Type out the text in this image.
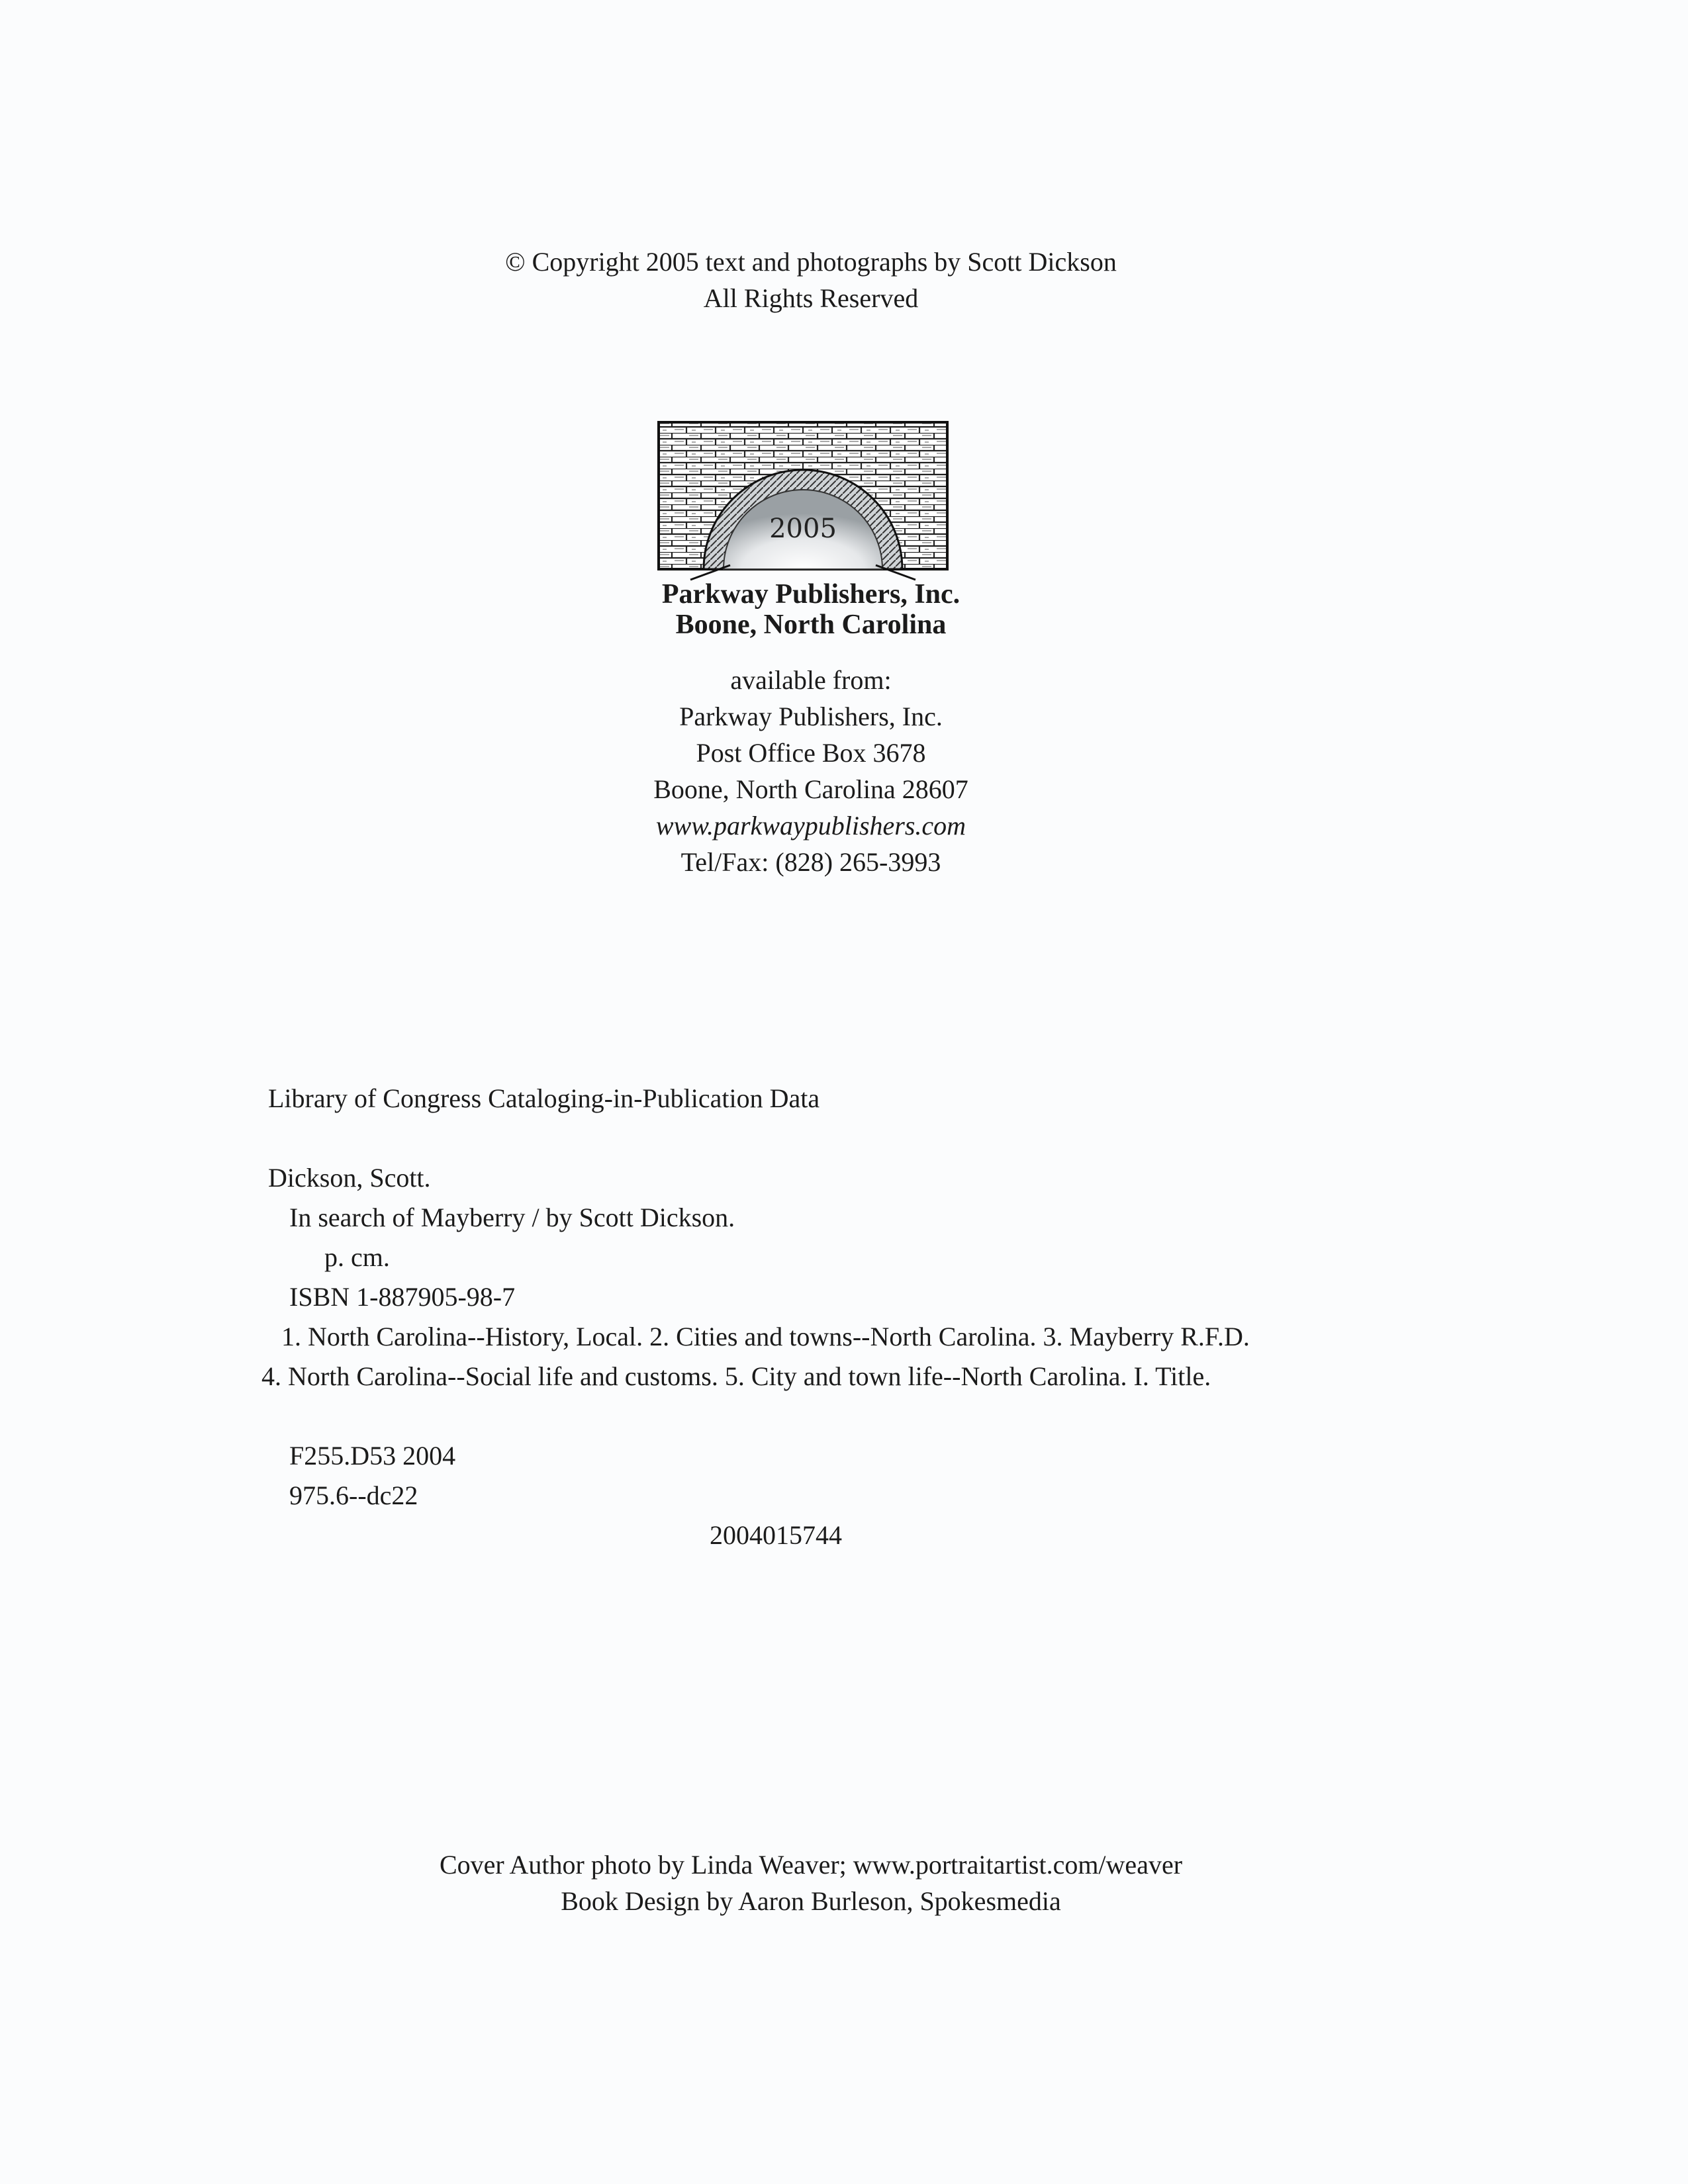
© Copyright 2005 text and photographs by Scott Dickson
All Rights Reserved
2005
Parkway Publishers, Inc.
Boone, North Carolina
available from:
Parkway Publishers, Inc.
Post Office Box 3678
Boone, North Carolina 28607
www.parkwaypublishers.com
Tel/Fax: (828) 265-3993
Library of Congress Cataloging-in-Publication Data
Dickson, Scott.
In search of Mayberry / by Scott Dickson.
p. cm.
ISBN 1-887905-98-7
1. North Carolina--History, Local. 2. Cities and towns--North Carolina. 3. Mayberry R.F.D.
4. North Carolina--Social life and customs. 5. City and town life--North Carolina. I. Title.
F255.D53 2004
975.6--dc22
2004015744
Cover Author photo by Linda Weaver; www.portraitartist.com/weaver
Book Design by Aaron Burleson, Spokesmedia
